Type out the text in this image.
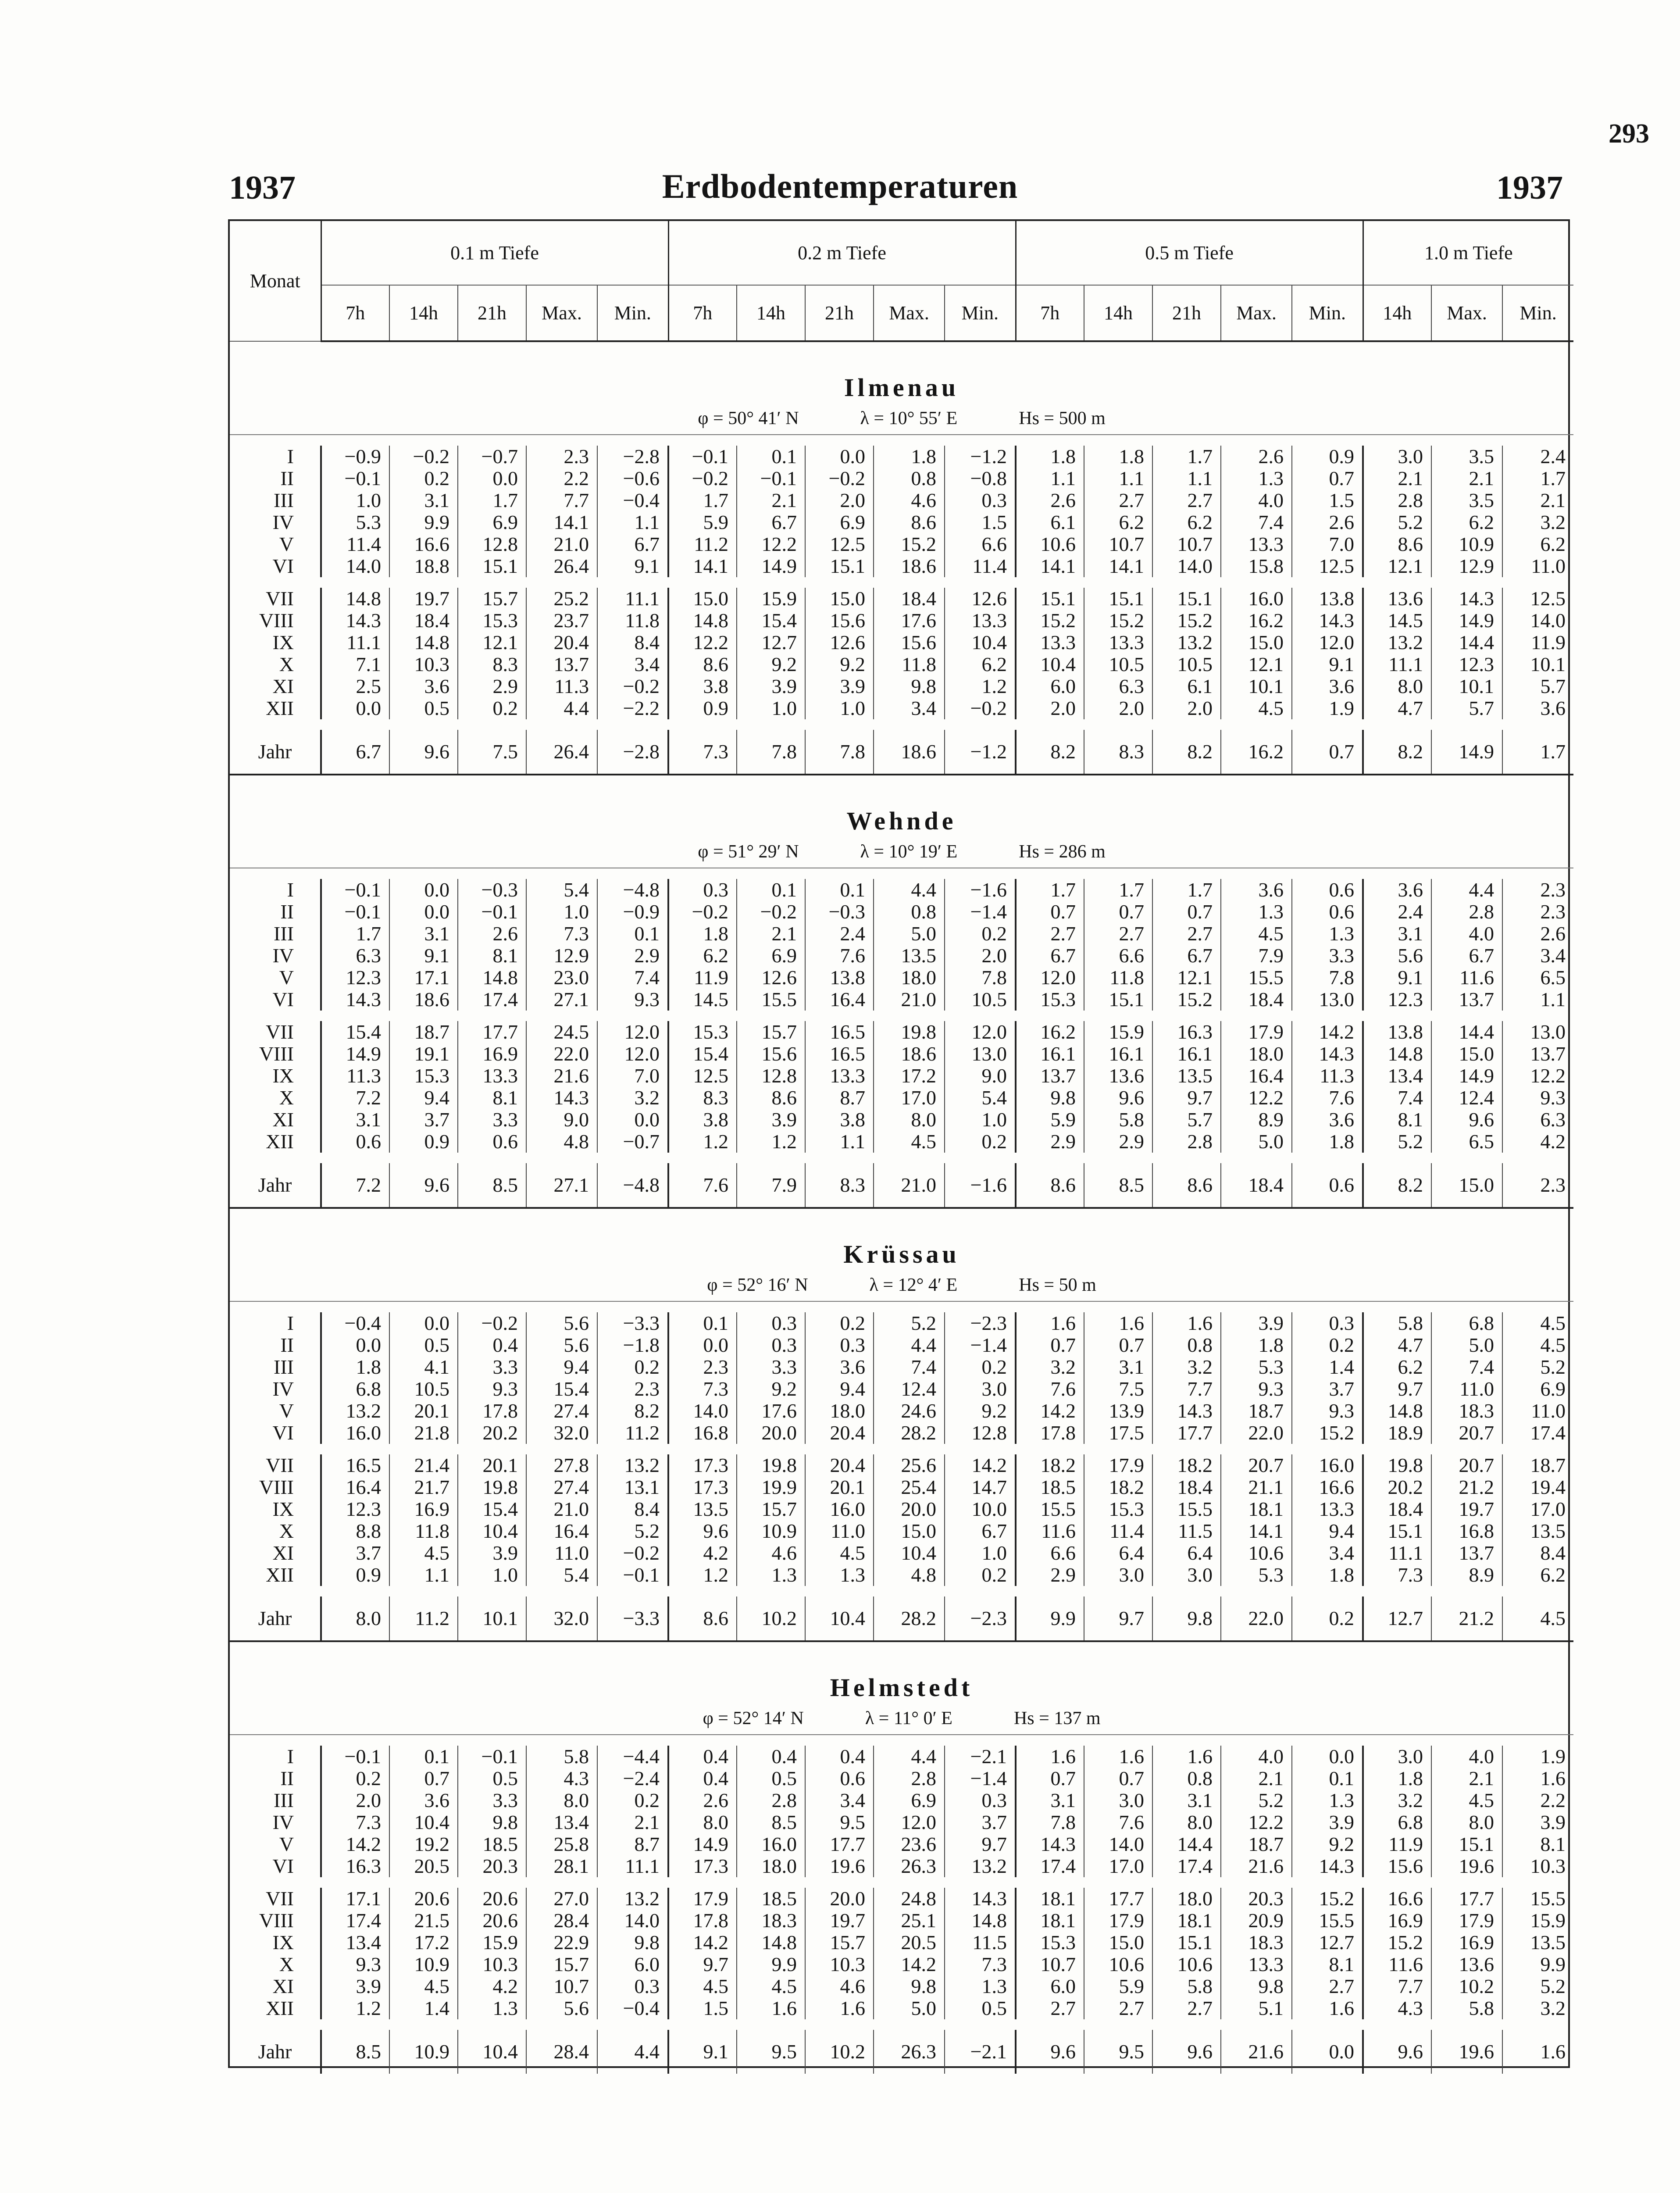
293
1937	Erdbodentemperaturen	1937
Monat	0.1 m Tiefe					0.2 m Tiefe					0.5 m Tiefe					1.0 m Tiefe		
	7h	14h	21h	Max.	Min.	7h	14h	21h	Max.	Min.	7h	14h	21h	Max.	Min.	14h	Max.	Min.
Ilmenau																		
φ = 50° 41′ N λ = 10° 55′ E Hs = 500 m																		

I	−0.9	−0.2	−0.7	2.3	−2.8	−0.1	0.1	0.0	1.8	−1.2	1.8	1.8	1.7	2.6	0.9	3.0	3.5	2.4
II	−0.1	0.2	0.0	2.2	−0.6	−0.2	−0.1	−0.2	0.8	−0.8	1.1	1.1	1.1	1.3	0.7	2.1	2.1	1.7
III	1.0	3.1	1.7	7.7	−0.4	1.7	2.1	2.0	4.6	0.3	2.6	2.7	2.7	4.0	1.5	2.8	3.5	2.1
IV	5.3	9.9	6.9	14.1	1.1	5.9	6.7	6.9	8.6	1.5	6.1	6.2	6.2	7.4	2.6	5.2	6.2	3.2
V	11.4	16.6	12.8	21.0	6.7	11.2	12.2	12.5	15.2	6.6	10.6	10.7	10.7	13.3	7.0	8.6	10.9	6.2
VI	14.0	18.8	15.1	26.4	9.1	14.1	14.9	15.1	18.6	11.4	14.1	14.1	14.0	15.8	12.5	12.1	12.9	11.0

VII	14.8	19.7	15.7	25.2	11.1	15.0	15.9	15.0	18.4	12.6	15.1	15.1	15.1	16.0	13.8	13.6	14.3	12.5
VIII	14.3	18.4	15.3	23.7	11.8	14.8	15.4	15.6	17.6	13.3	15.2	15.2	15.2	16.2	14.3	14.5	14.9	14.0
IX	11.1	14.8	12.1	20.4	8.4	12.2	12.7	12.6	15.6	10.4	13.3	13.3	13.2	15.0	12.0	13.2	14.4	11.9
X	7.1	10.3	8.3	13.7	3.4	8.6	9.2	9.2	11.8	6.2	10.4	10.5	10.5	12.1	9.1	11.1	12.3	10.1
XI	2.5	3.6	2.9	11.3	−0.2	3.8	3.9	3.9	9.8	1.2	6.0	6.3	6.1	10.1	3.6	8.0	10.1	5.7
XII	0.0	0.5	0.2	4.4	−2.2	0.9	1.0	1.0	3.4	−0.2	2.0	2.0	2.0	4.5	1.9	4.7	5.7	3.6

Jahr	6.7	9.6	7.5	26.4	−2.8	7.3	7.8	7.8	18.6	−1.2	8.2	8.3	8.2	16.2	0.7	8.2	14.9	1.7
Wehnde																		
φ = 51° 29′ N λ = 10° 19′ E Hs = 286 m																		

I	−0.1	0.0	−0.3	5.4	−4.8	0.3	0.1	0.1	4.4	−1.6	1.7	1.7	1.7	3.6	0.6	3.6	4.4	2.3
II	−0.1	0.0	−0.1	1.0	−0.9	−0.2	−0.2	−0.3	0.8	−1.4	0.7	0.7	0.7	1.3	0.6	2.4	2.8	2.3
III	1.7	3.1	2.6	7.3	0.1	1.8	2.1	2.4	5.0	0.2	2.7	2.7	2.7	4.5	1.3	3.1	4.0	2.6
IV	6.3	9.1	8.1	12.9	2.9	6.2	6.9	7.6	13.5	2.0	6.7	6.6	6.7	7.9	3.3	5.6	6.7	3.4
V	12.3	17.1	14.8	23.0	7.4	11.9	12.6	13.8	18.0	7.8	12.0	11.8	12.1	15.5	7.8	9.1	11.6	6.5
VI	14.3	18.6	17.4	27.1	9.3	14.5	15.5	16.4	21.0	10.5	15.3	15.1	15.2	18.4	13.0	12.3	13.7	1.1

VII	15.4	18.7	17.7	24.5	12.0	15.3	15.7	16.5	19.8	12.0	16.2	15.9	16.3	17.9	14.2	13.8	14.4	13.0
VIII	14.9	19.1	16.9	22.0	12.0	15.4	15.6	16.5	18.6	13.0	16.1	16.1	16.1	18.0	14.3	14.8	15.0	13.7
IX	11.3	15.3	13.3	21.6	7.0	12.5	12.8	13.3	17.2	9.0	13.7	13.6	13.5	16.4	11.3	13.4	14.9	12.2
X	7.2	9.4	8.1	14.3	3.2	8.3	8.6	8.7	17.0	5.4	9.8	9.6	9.7	12.2	7.6	7.4	12.4	9.3
XI	3.1	3.7	3.3	9.0	0.0	3.8	3.9	3.8	8.0	1.0	5.9	5.8	5.7	8.9	3.6	8.1	9.6	6.3
XII	0.6	0.9	0.6	4.8	−0.7	1.2	1.2	1.1	4.5	0.2	2.9	2.9	2.8	5.0	1.8	5.2	6.5	4.2

Jahr	7.2	9.6	8.5	27.1	−4.8	7.6	7.9	8.3	21.0	−1.6	8.6	8.5	8.6	18.4	0.6	8.2	15.0	2.3
Krüssau																		
φ = 52° 16′ N λ = 12° 4′ E Hs = 50 m																		

I	−0.4	0.0	−0.2	5.6	−3.3	0.1	0.3	0.2	5.2	−2.3	1.6	1.6	1.6	3.9	0.3	5.8	6.8	4.5
II	0.0	0.5	0.4	5.6	−1.8	0.0	0.3	0.3	4.4	−1.4	0.7	0.7	0.8	1.8	0.2	4.7	5.0	4.5
III	1.8	4.1	3.3	9.4	0.2	2.3	3.3	3.6	7.4	0.2	3.2	3.1	3.2	5.3	1.4	6.2	7.4	5.2
IV	6.8	10.5	9.3	15.4	2.3	7.3	9.2	9.4	12.4	3.0	7.6	7.5	7.7	9.3	3.7	9.7	11.0	6.9
V	13.2	20.1	17.8	27.4	8.2	14.0	17.6	18.0	24.6	9.2	14.2	13.9	14.3	18.7	9.3	14.8	18.3	11.0
VI	16.0	21.8	20.2	32.0	11.2	16.8	20.0	20.4	28.2	12.8	17.8	17.5	17.7	22.0	15.2	18.9	20.7	17.4

VII	16.5	21.4	20.1	27.8	13.2	17.3	19.8	20.4	25.6	14.2	18.2	17.9	18.2	20.7	16.0	19.8	20.7	18.7
VIII	16.4	21.7	19.8	27.4	13.1	17.3	19.9	20.1	25.4	14.7	18.5	18.2	18.4	21.1	16.6	20.2	21.2	19.4
IX	12.3	16.9	15.4	21.0	8.4	13.5	15.7	16.0	20.0	10.0	15.5	15.3	15.5	18.1	13.3	18.4	19.7	17.0
X	8.8	11.8	10.4	16.4	5.2	9.6	10.9	11.0	15.0	6.7	11.6	11.4	11.5	14.1	9.4	15.1	16.8	13.5
XI	3.7	4.5	3.9	11.0	−0.2	4.2	4.6	4.5	10.4	1.0	6.6	6.4	6.4	10.6	3.4	11.1	13.7	8.4
XII	0.9	1.1	1.0	5.4	−0.1	1.2	1.3	1.3	4.8	0.2	2.9	3.0	3.0	5.3	1.8	7.3	8.9	6.2

Jahr	8.0	11.2	10.1	32.0	−3.3	8.6	10.2	10.4	28.2	−2.3	9.9	9.7	9.8	22.0	0.2	12.7	21.2	4.5
Helmstedt																		
φ = 52° 14′ N λ = 11° 0′ E Hs = 137 m																		

I	−0.1	0.1	−0.1	5.8	−4.4	0.4	0.4	0.4	4.4	−2.1	1.6	1.6	1.6	4.0	0.0	3.0	4.0	1.9
II	0.2	0.7	0.5	4.3	−2.4	0.4	0.5	0.6	2.8	−1.4	0.7	0.7	0.8	2.1	0.1	1.8	2.1	1.6
III	2.0	3.6	3.3	8.0	0.2	2.6	2.8	3.4	6.9	0.3	3.1	3.0	3.1	5.2	1.3	3.2	4.5	2.2
IV	7.3	10.4	9.8	13.4	2.1	8.0	8.5	9.5	12.0	3.7	7.8	7.6	8.0	12.2	3.9	6.8	8.0	3.9
V	14.2	19.2	18.5	25.8	8.7	14.9	16.0	17.7	23.6	9.7	14.3	14.0	14.4	18.7	9.2	11.9	15.1	8.1
VI	16.3	20.5	20.3	28.1	11.1	17.3	18.0	19.6	26.3	13.2	17.4	17.0	17.4	21.6	14.3	15.6	19.6	10.3

VII	17.1	20.6	20.6	27.0	13.2	17.9	18.5	20.0	24.8	14.3	18.1	17.7	18.0	20.3	15.2	16.6	17.7	15.5
VIII	17.4	21.5	20.6	28.4	14.0	17.8	18.3	19.7	25.1	14.8	18.1	17.9	18.1	20.9	15.5	16.9	17.9	15.9
IX	13.4	17.2	15.9	22.9	9.8	14.2	14.8	15.7	20.5	11.5	15.3	15.0	15.1	18.3	12.7	15.2	16.9	13.5
X	9.3	10.9	10.3	15.7	6.0	9.7	9.9	10.3	14.2	7.3	10.7	10.6	10.6	13.3	8.1	11.6	13.6	9.9
XI	3.9	4.5	4.2	10.7	0.3	4.5	4.5	4.6	9.8	1.3	6.0	5.9	5.8	9.8	2.7	7.7	10.2	5.2
XII	1.2	1.4	1.3	5.6	−0.4	1.5	1.6	1.6	5.0	0.5	2.7	2.7	2.7	5.1	1.6	4.3	5.8	3.2

Jahr	8.5	10.9	10.4	28.4	4.4	9.1	9.5	10.2	26.3	−2.1	9.6	9.5	9.6	21.6	0.0	9.6	19.6	1.6
